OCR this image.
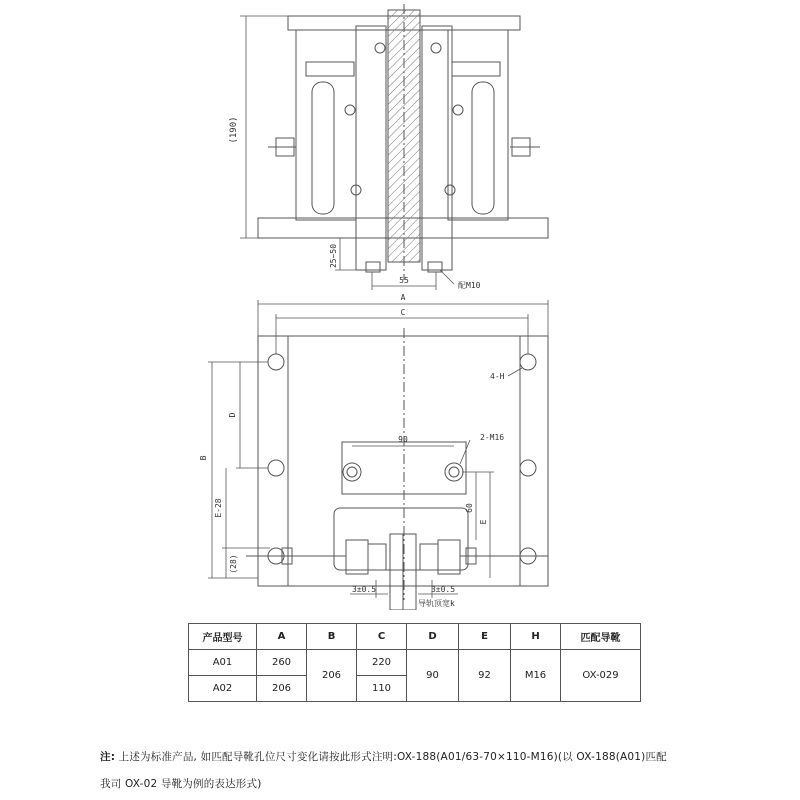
(190)
25~50
55
配M10
A
C
B
D
E-28
(28)
90
60
E
4-H
2-M16
3±0.5	3±0.5
导轨顶宽k
产品型号	A	B	C	D	E	H	匹配导靴
A01	260	206	220	90	92	M16	OX-029
A02	206		110				
注: 上述为标准产品, 如匹配导靴孔位尺寸变化请按此形式注明:OX-188(A01/63-70×110-M16)(以 OX-188(A01)匹配
我司 OX-02 导靴为例的表达形式)
